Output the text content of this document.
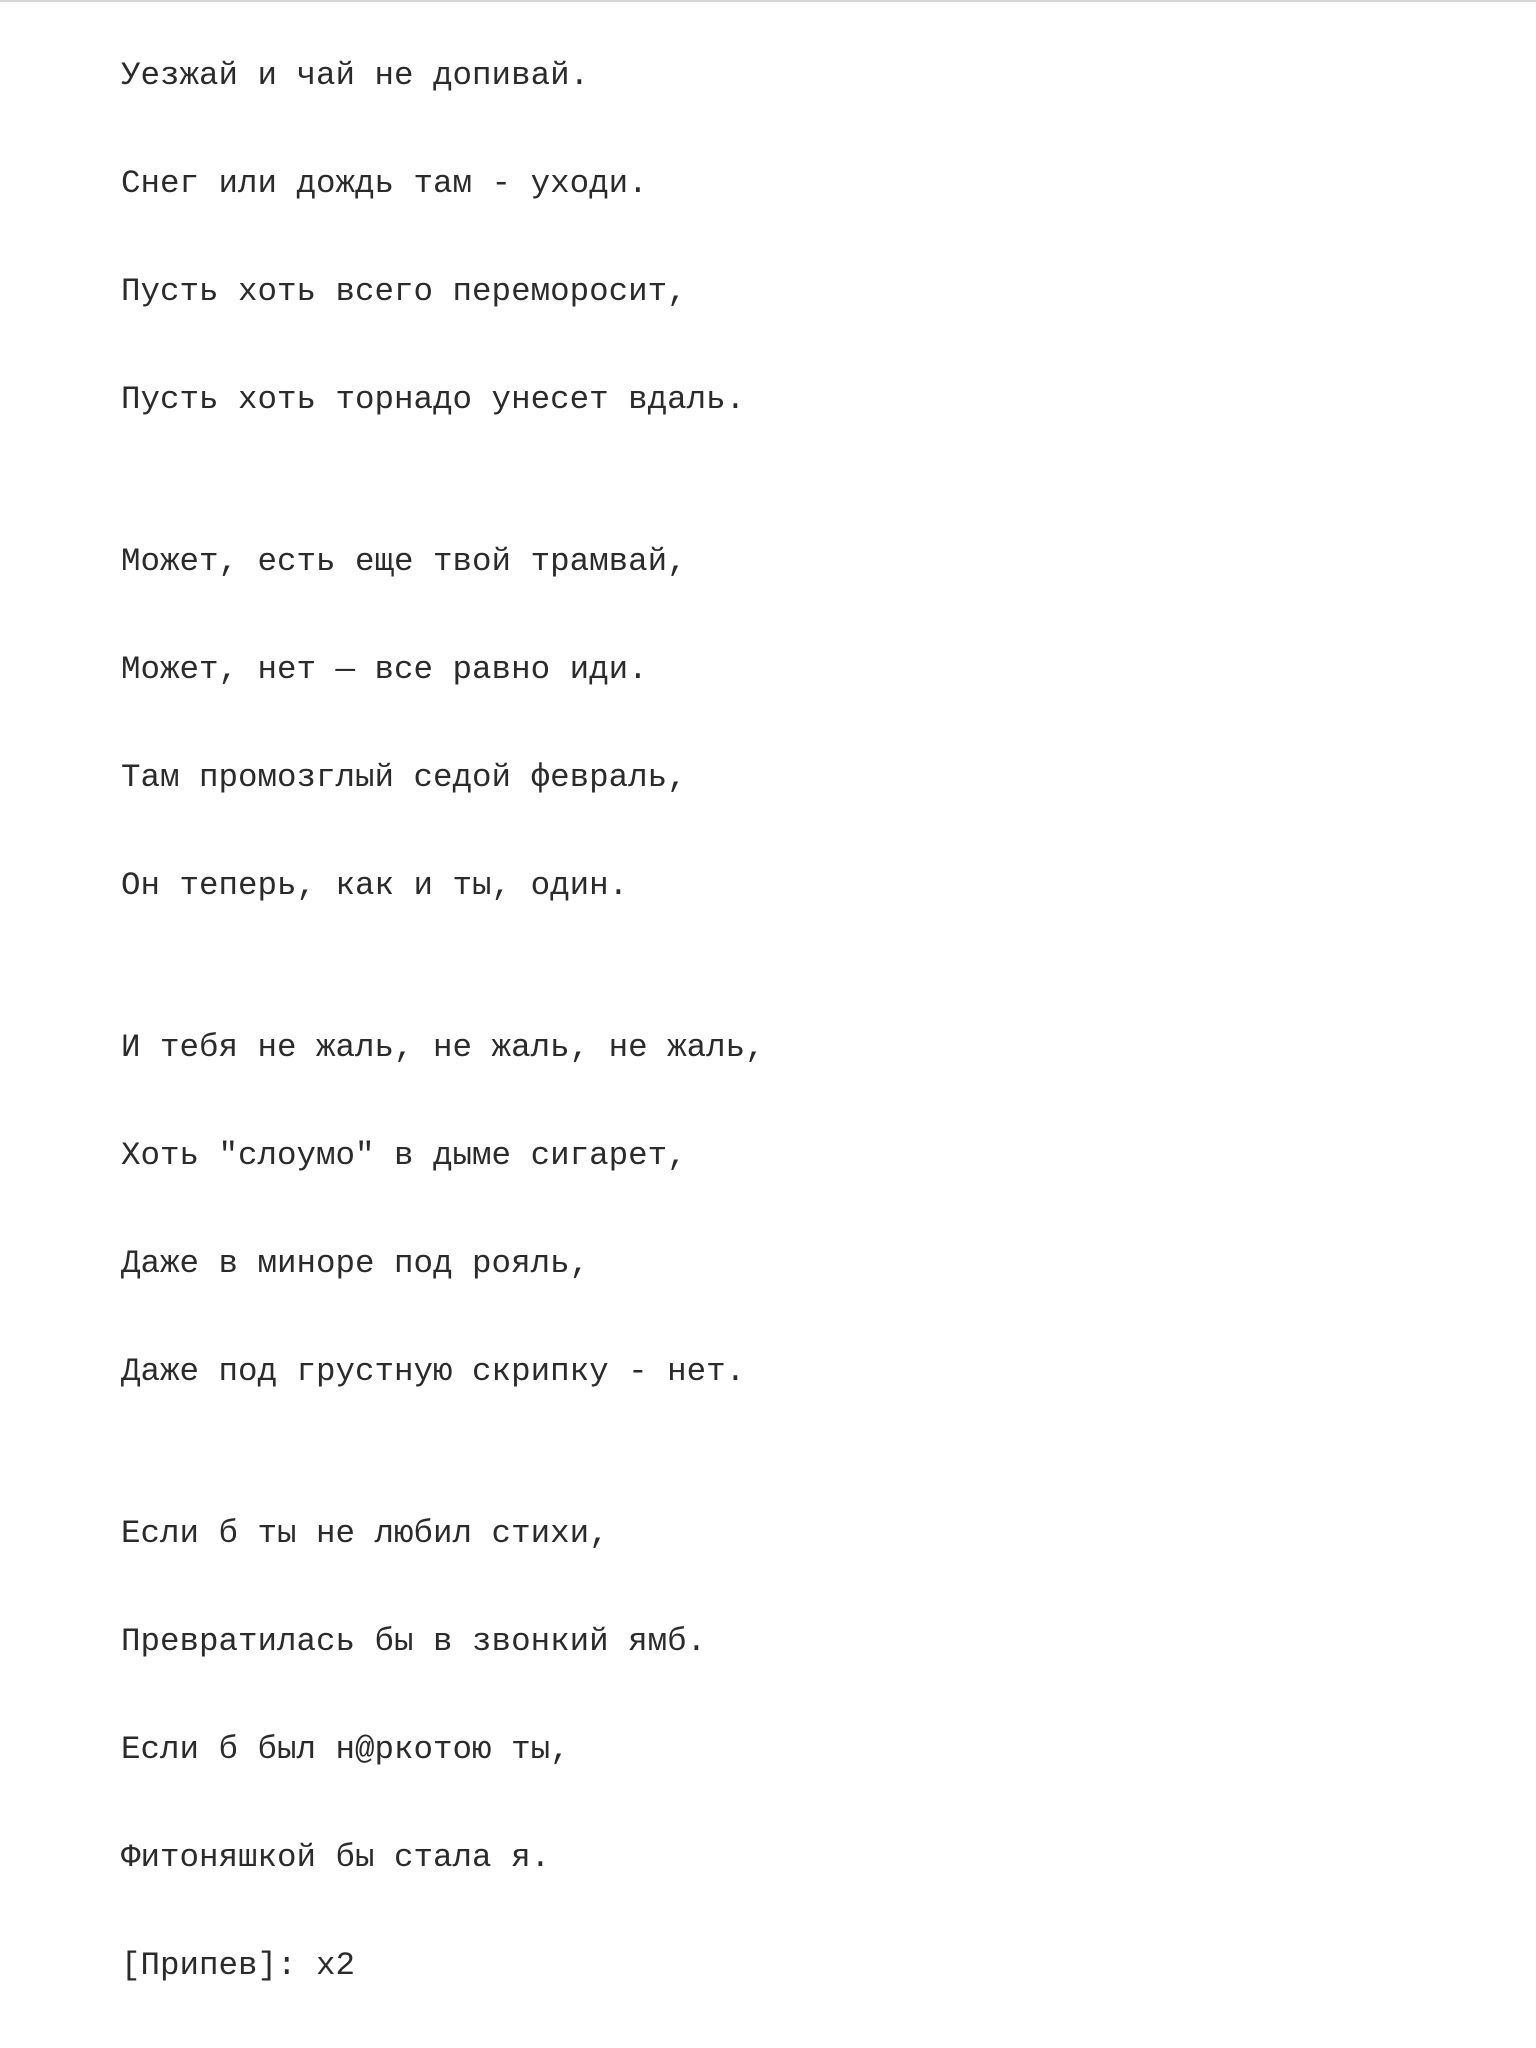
Уезжай и чай не допивай.
Снег или дождь там - уходи.
Пусть хоть всего переморосит,
Пусть хоть торнадо унесет вдаль.
Может, есть еще твой трамвай,
Может, нет — все равно иди.
Там промозглый седой февраль,
Он теперь, как и ты, один.
И тебя не жаль, не жаль, не жаль,
Хоть "слоумо" в дыме сигарет,
Даже в миноре под рояль,
Даже под грустную скрипку - нет.
Если б ты не любил стихи,
Превратилась бы в звонкий ямб.
Если б был н@ркотою ты,
Фитоняшкой бы стала я.
[Припев]: x2
